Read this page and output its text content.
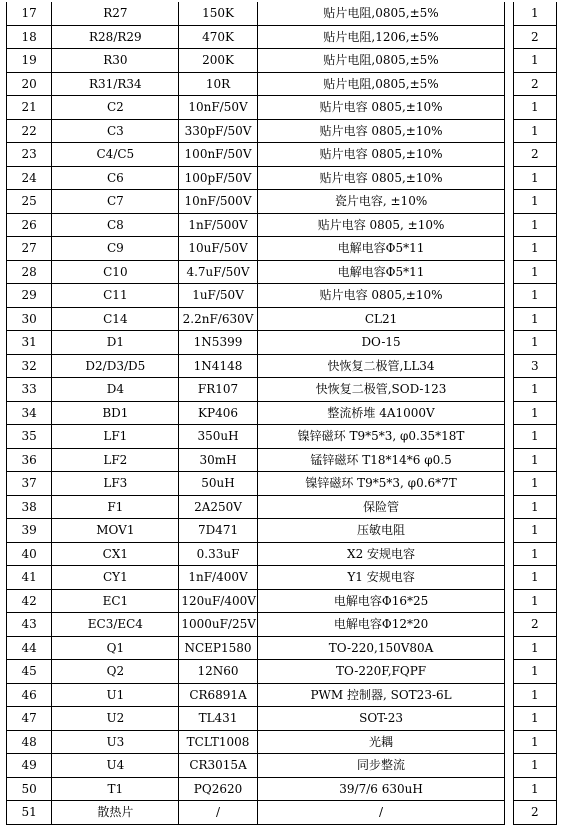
17	R27	150K	贴片电阻,0805,±5%		1
18	R28/R29	470K	贴片电阻,1206,±5%		2
19	R30	200K	贴片电阻,0805,±5%		1
20	R31/R34	10R	贴片电阻,0805,±5%		2
21	C2	10nF/50V	贴片电容 0805,±10%		1
22	C3	330pF/50V	贴片电容 0805,±10%		1
23	C4/C5	100nF/50V	贴片电容 0805,±10%		2
24	C6	100pF/50V	贴片电容 0805,±10%		1
25	C7	10nF/500V	瓷片电容, ±10%		1
26	C8	1nF/500V	贴片电容 0805, ±10%		1
27	C9	10uF/50V	电解电容Φ5*11		1
28	C10	4.7uF/50V	电解电容Φ5*11		1
29	C11	1uF/50V	贴片电容 0805,±10%		1
30	C14	2.2nF/630V	CL21		1
31	D1	1N5399	DO-15		1
32	D2/D3/D5	1N4148	快恢复二极管,LL34		3
33	D4	FR107	快恢复二极管,SOD-123		1
34	BD1	KP406	整流桥堆 4A1000V		1
35	LF1	350uH	镍锌磁环 T9*5*3, φ0.35*18T		1
36	LF2	30mH	锰锌磁环 T18*14*6 φ0.5		1
37	LF3	50uH	镍锌磁环 T9*5*3, φ0.6*7T		1
38	F1	2A250V	保险管		1
39	MOV1	7D471	压敏电阻		1
40	CX1	0.33uF	X2 安规电容		1
41	CY1	1nF/400V	Y1 安规电容		1
42	EC1	120uF/400V	电解电容Φ16*25		1
43	EC3/EC4	1000uF/25V	电解电容Φ12*20		2
44	Q1	NCEP1580	TO-220,150V80A		1
45	Q2	12N60	TO-220F,FQPF		1
46	U1	CR6891A	PWM 控制器, SOT23-6L		1
47	U2	TL431	SOT-23		1
48	U3	TCLT1008	光耦		1
49	U4	CR3015A	同步整流		1
50	T1	PQ2620	39/7/6 630uH		1
51	散热片	/	/		2
